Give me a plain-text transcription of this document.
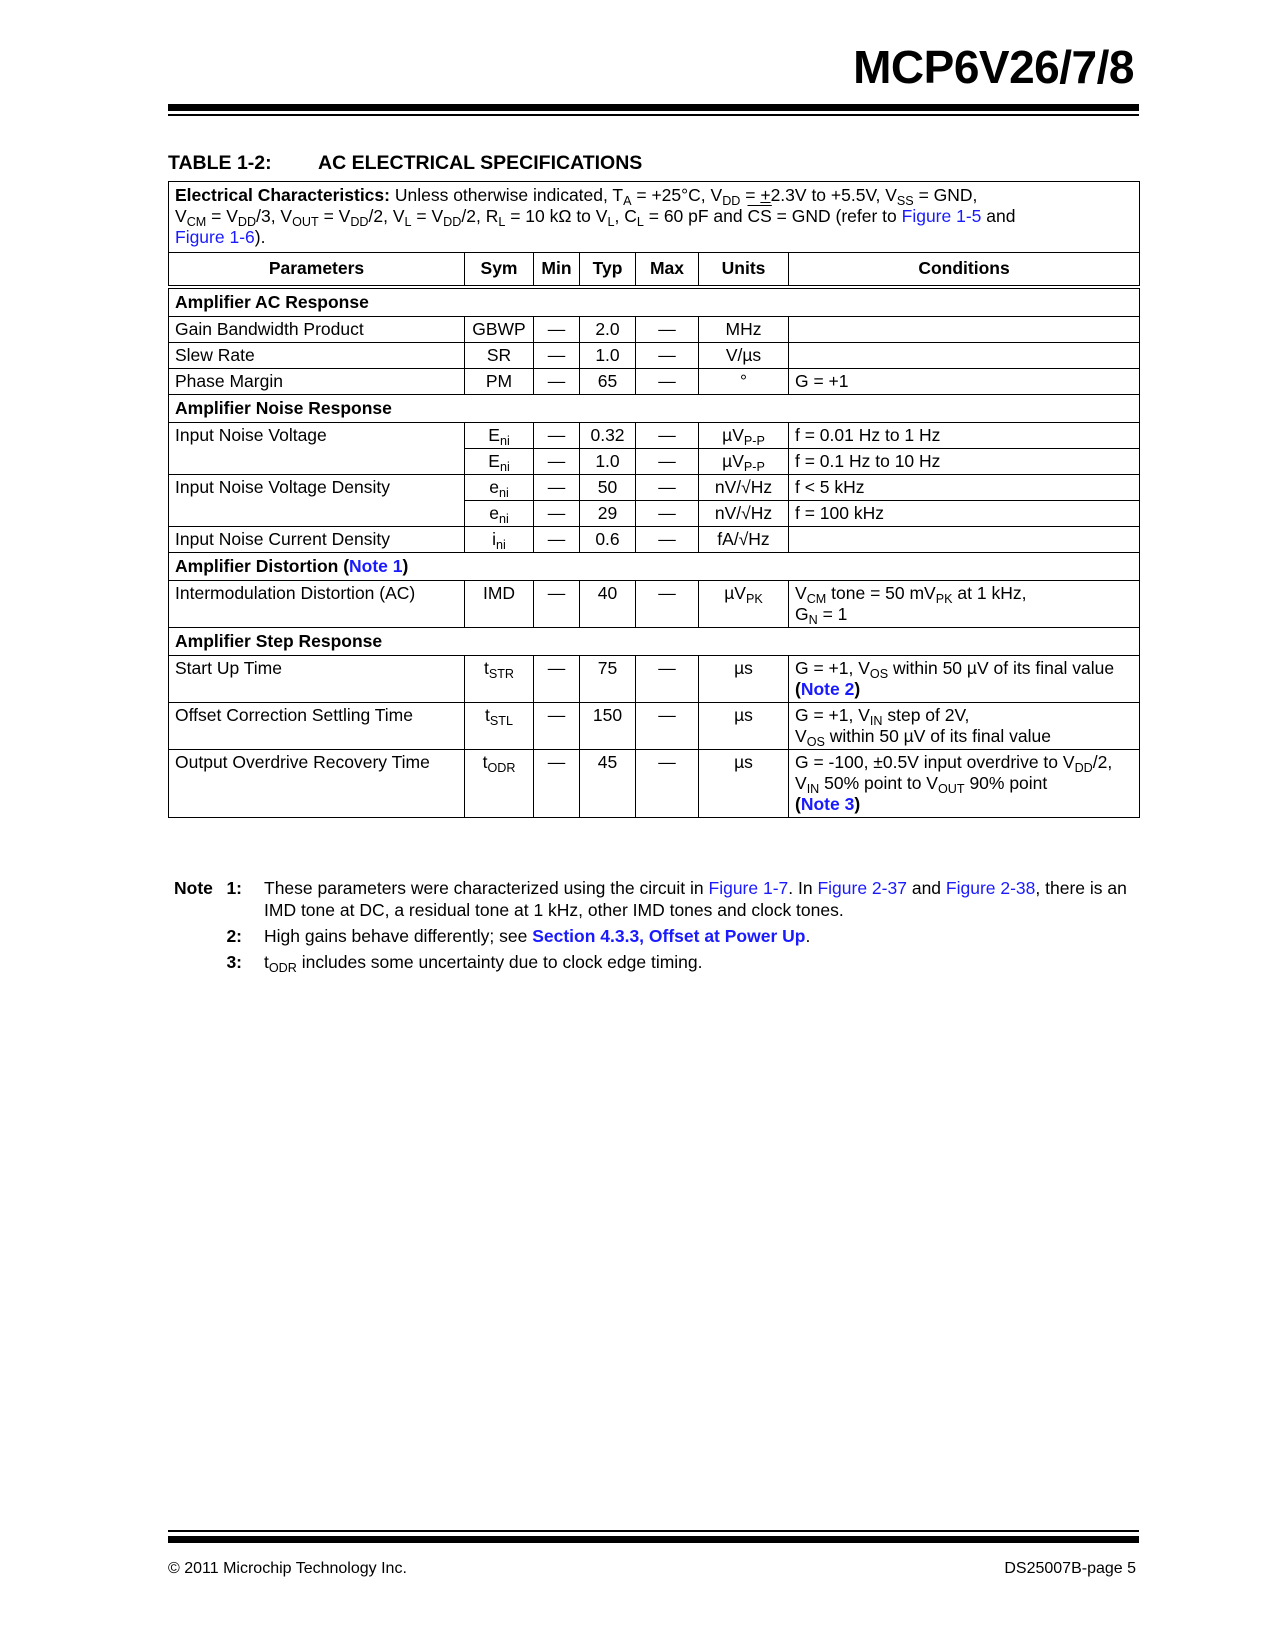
MCP6V26/7/8
TABLE 1-2: AC ELECTRICAL SPECIFICATIONS
Electrical Characteristics: Unless otherwise indicated, $T_A = +25^\circ C$, $V_{DD} = +2.3V$ to +5.5V, $V_{SS}$ = GND,
$V_{CM} = V_{DD}/3$, $V_{OUT} = V_{DD}/2$, $V_L = V_{DD}/2$, $R_L = 10$ kΩ to $V_L$, $C_L = 60$ pF and $\overline{CS}$ = GND (refer to Figure 1-5 and
Figure 1-6).						
Parameters	Sym	Min	Typ	Max	Units	Conditions
Amplifier AC Response						
Gain Bandwidth Product	GBWP	—	2.0	—	MHz	
Slew Rate	SR	—	1.0	—	V/µs	
Phase Margin	PM	—	65	—	°	G = +1
Amplifier Noise Response						
Input Noise Voltage	$E_{ni}$	—	0.32	—	µV$_{P-P}$	f = 0.01 Hz to 1 Hz
	$E_{ni}$	—	1.0	—	µV$_{P-P}$	f = 0.1 Hz to 10 Hz
Input Noise Voltage Density	$e_{ni}$	—	50	—	nV/√Hz	f < 5 kHz
	$e_{ni}$	—	29	—	nV/√Hz	f = 100 kHz
Input Noise Current Density	$i_{ni}$	—	0.6	—	fA/√Hz	
Amplifier Distortion (Note 1)						
Intermodulation Distortion (AC)	IMD	—	40	—	µV$_{PK}$	$V_{CM}$ tone = 50 $mV_{PK}$ at 1 kHz,
$G_N = 1$
Amplifier Step Response						
Start Up Time	$t_{STR}$	—	75	—	µs	G = +1, $V_{OS}$ within 50 µV of its final value
(Note 2)
Offset Correction Settling Time	$t_{STL}$	—	150	—	µs	G = +1, $V_{IN}$ step of 2V,
$V_{OS}$ within 50 µV of its final value
Output Overdrive Recovery Time	$t_{ODR}$	—	45	—	µs	G = -100, ±0.5V input overdrive to $V_{DD}/2$,
$V_{IN}$ 50% point to $V_{OUT}$ 90% point
(Note 3)
Note 1:	These parameters were characterized using the circuit in Figure 1-7. In Figure 2-37 and Figure 2-38, there is an IMD tone at DC, a residual tone at 1 kHz, other IMD tones and clock tones.
2:	High gains behave differently; see Section 4.3.3, Offset at Power Up.
3:	$t_{ODR}$ includes some uncertainty due to clock edge timing.
© 2011 Microchip Technology Inc.	DS25007B-page 5
